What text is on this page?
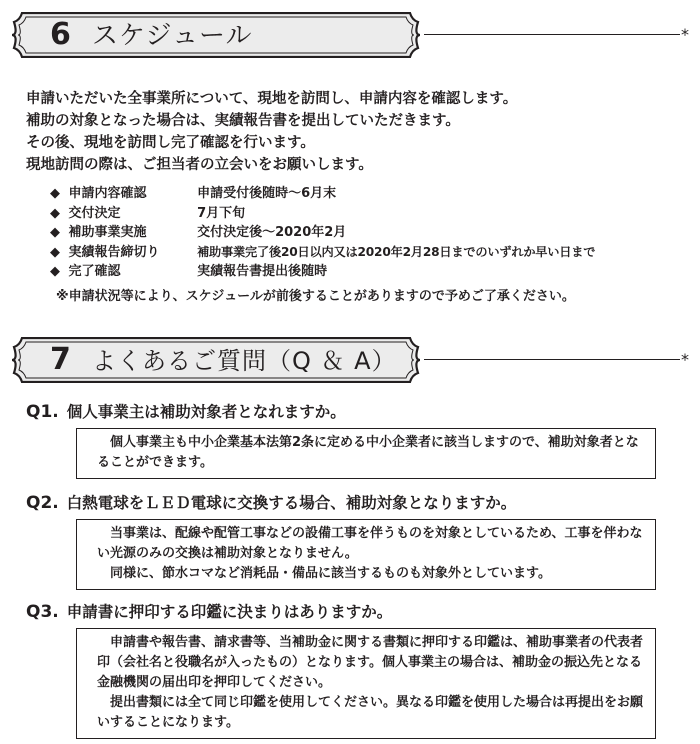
6 スケジュール	*
申請いただいた全事業所について、現地を訪問し、申請内容を確認します。
補助の対象となった場合は、実績報告書を提出していただきます。
その後、現地を訪問し完了確認を行います。
現地訪問の際は、ご担当者の立会いをお願いします。
◆ 申請内容確認	申請受付後随時～6月末
◆ 交付決定	7月下旬
◆ 補助事業実施	交付決定後～2020年2月
◆ 実績報告締切り	補助事業完了後20日以内又は2020年2月28日までのいずれか早い日まで
◆ 完了確認	実績報告書提出後随時
※申請状況等により、スケジュールが前後することがありますので予めご了承ください。
7 よくあるご質問（Q ＆ A）	*
Q1. 個人事業主は補助対象者となれますか。

個人事業主も中小企業基本法第2条に定める中小企業者に該当しますので、補助対象者となることができます。

Q2. 白熱電球をＬＥＤ電球に交換する場合、補助対象となりますか。

当事業は、配線や配管工事などの設備工事を伴うものを対象としているため、工事を伴わない光源のみの交換は補助対象となりません。

同様に、節水コマなど消耗品・備品に該当するものも対象外としています。

Q3. 申請書に押印する印鑑に決まりはありますか。

申請書や報告書、請求書等、当補助金に関する書類に押印する印鑑は、補助事業者の代表者印（会社名と役職名が入ったもの）となります。個人事業主の場合は、補助金の振込先となる金融機関の届出印を押印してください。

提出書類には全て同じ印鑑を使用してください。異なる印鑑を使用した場合は再提出をお願いすることになります。
